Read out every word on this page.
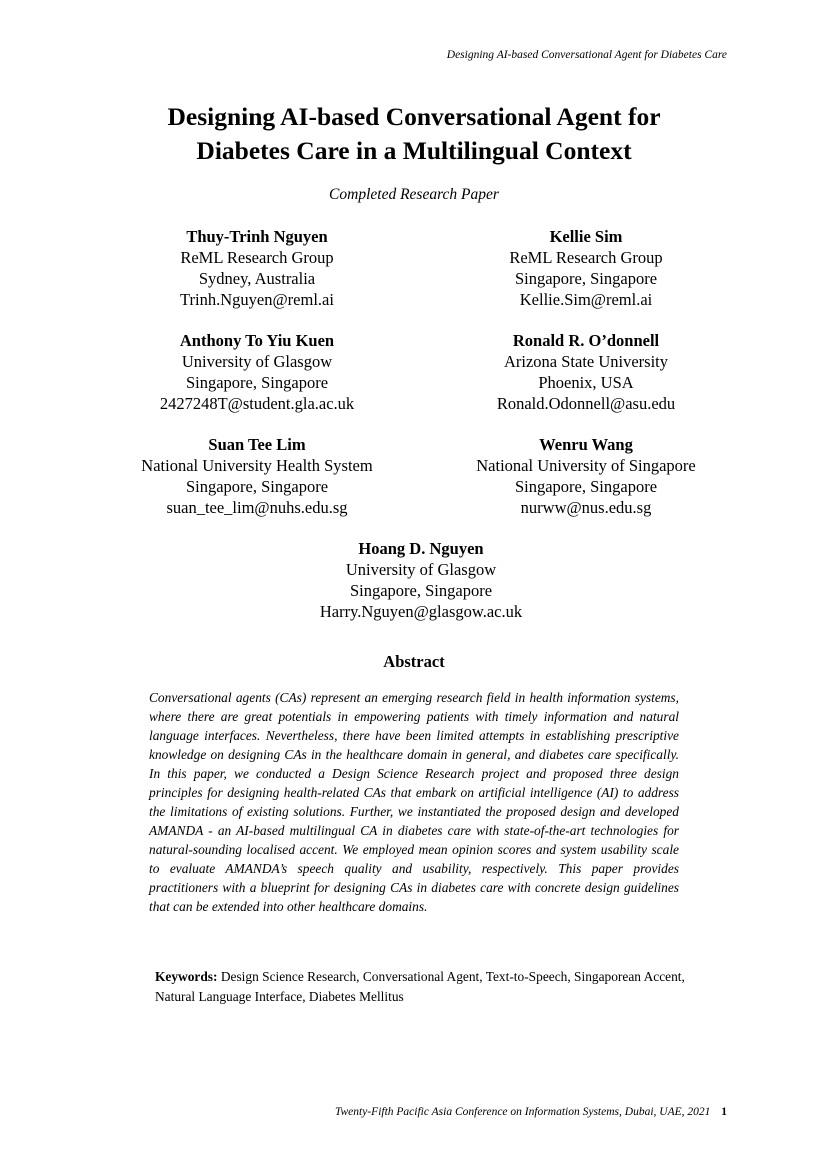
Designing AI-based Conversational Agent for Diabetes Care
Designing AI-based Conversational Agent for
Diabetes Care in a Multilingual Context
Completed Research Paper
Thuy-Trinh Nguyen
ReML Research Group
Sydney, Australia
Trinh.Nguyen@reml.ai
Kellie Sim
ReML Research Group
Singapore, Singapore
Kellie.Sim@reml.ai
Anthony To Yiu Kuen
University of Glasgow
Singapore, Singapore
2427248T@student.gla.ac.uk
Ronald R. O’donnell
Arizona State University
Phoenix, USA
Ronald.Odonnell@asu.edu
Suan Tee Lim
National University Health System
Singapore, Singapore
suan_tee_lim@nuhs.edu.sg
Wenru Wang
National University of Singapore
Singapore, Singapore
nurww@nus.edu.sg
Hoang D. Nguyen
University of Glasgow
Singapore, Singapore
Harry.Nguyen@glasgow.ac.uk
Abstract
Conversational agents (CAs) represent an emerging research field in health information systems, where there are great potentials in empowering patients with timely information and natural language interfaces. Nevertheless, there have been limited attempts in establishing prescriptive knowledge on designing CAs in the healthcare domain in general, and diabetes care specifically. In this paper, we conducted a Design Science Research project and proposed three design principles for designing health-related CAs that embark on artificial intelligence (AI) to address the limitations of existing solutions. Further, we instantiated the proposed design and developed AMANDA - an AI-based multilingual CA in diabetes care with state-of-the-art technologies for natural-sounding localised accent. We employed mean opinion scores and system usability scale to evaluate AMANDA’s speech quality and usability, respectively. This paper provides practitioners with a blueprint for designing CAs in diabetes care with concrete design guidelines that can be extended into other healthcare domains.
Keywords: Design Science Research, Conversational Agent, Text-to-Speech, Singaporean Accent, Natural Language Interface, Diabetes Mellitus
Twenty-Fifth Pacific Asia Conference on Information Systems, Dubai, UAE, 2021 1
